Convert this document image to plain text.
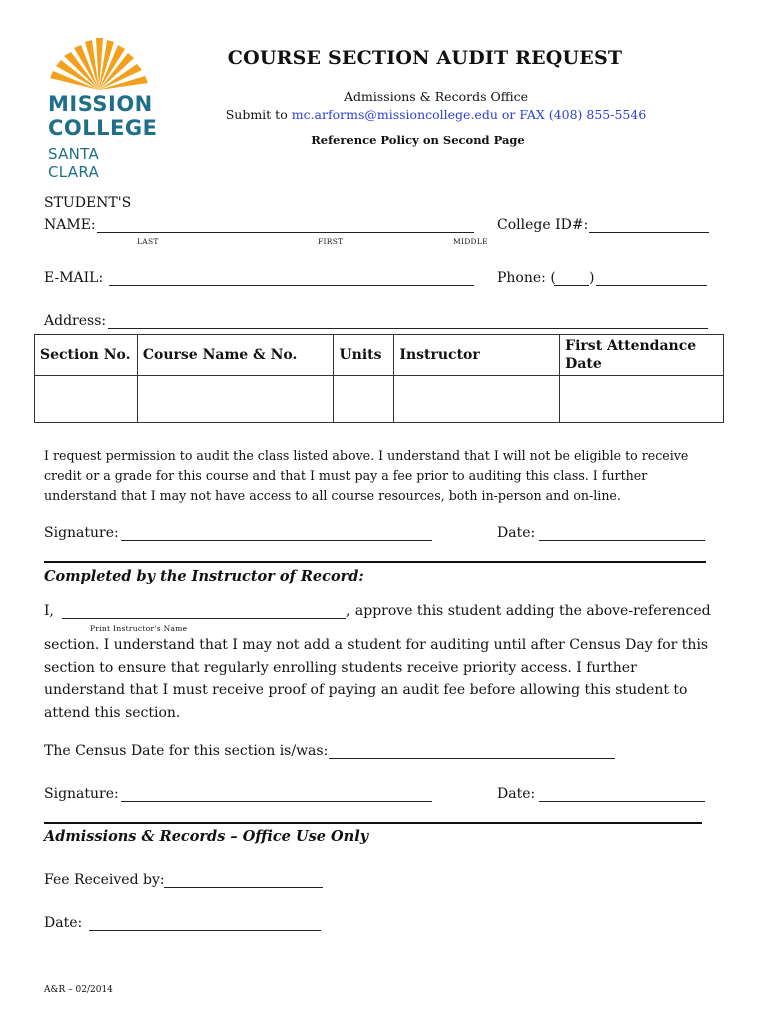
MISSION
COLLEGE
SANTA CLARA
COURSE SECTION AUDIT REQUEST
Admissions & Records Office
Submit to mc.arforms@missioncollege.edu or FAX (408) 855-5546
Reference Policy on Second Page
STUDENT'S
NAME:
LAST	FIRST	MIDDLE
College ID#:
E-MAIL:	Phone: ( )
Address:
Section No.	Course Name & No.	Units	Instructor	First Attendance Date

I request permission to audit the class listed above. I understand that I will not be eligible to receive credit or a grade for this course and that I must pay a fee prior to auditing this class. I further understand that I may not have access to all course resources, both in-person and on-line.
Signature:	Date:
Completed by the Instructor of Record:
I,	, approve this student adding the above-referenced
Print Instructor's Name
section. I understand that I may not add a student for auditing until after Census Day for this section to ensure that regularly enrolling students receive priority access. I further understand that I must receive proof of paying an audit fee before allowing this student to attend this section.
The Census Date for this section is/was:
Signature:	Date:
Admissions & Records – Office Use Only
Fee Received by:
Date:
A&R – 02/2014
